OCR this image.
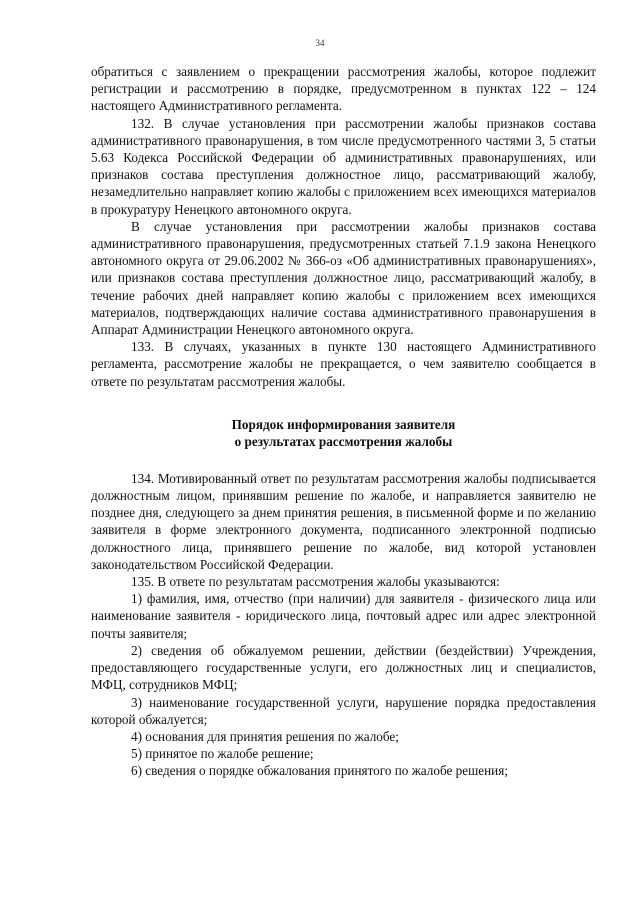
34

обратиться с заявлением о прекращении рассмотрения жалобы, которое подлежит регистрации и рассмотрению в порядке, предусмотренном в пунктах 122 – 124 настоящего Административного регламента.

132. В случае установления при рассмотрении жалобы признаков состава административного правонарушения, в том числе предусмотренного частями 3, 5 статьи 5.63 Кодекса Российской Федерации об административных правонарушениях, или признаков состава преступления должностное лицо, рассматривающий жалобу, незамедлительно направляет копию жалобы с приложением всех имеющихся материалов в прокуратуру Ненецкого автономного округа.

В случае установления при рассмотрении жалобы признаков состава административного правонарушения, предусмотренных статьей 7.1.9 закона Ненецкого автономного округа от 29.06.2002 № 366-оз «Об административных правонарушениях», или признаков состава преступления должностное лицо, рассматривающий жалобу, в течение рабочих дней направляет копию жалобы с приложением всех имеющихся материалов, подтверждающих наличие состава административного правонарушения в Аппарат Администрации Ненецкого автономного округа.

133. В случаях, указанных в пункте 130 настоящего Административного регламента, рассмотрение жалобы не прекращается, о чем заявителю сообщается в ответе по результатам рассмотрения жалобы.

Порядок информирования заявителя
о результатах рассмотрения жалобы

134. Мотивированный ответ по результатам рассмотрения жалобы подписывается должностным лицом, принявшим решение по жалобе, и направляется заявителю не позднее дня, следующего за днем принятия решения, в письменной форме и по желанию заявителя в форме электронного документа, подписанного электронной подписью должностного лица, принявшего решение по жалобе, вид которой установлен законодательством Российской Федерации.

135. В ответе по результатам рассмотрения жалобы указываются:

1) фамилия, имя, отчество (при наличии) для заявителя - физического лица или наименование заявителя - юридического лица, почтовый адрес или адрес электронной почты заявителя;

2) сведения об обжалуемом решении, действии (бездействии) Учреждения, предоставляющего государственные услуги, его должностных лиц и специалистов, МФЦ, сотрудников МФЦ;

3) наименование государственной услуги, нарушение порядка предоставления которой обжалуется;

4) основания для принятия решения по жалобе;

5) принятое по жалобе решение;

6) сведения о порядке обжалования принятого по жалобе решения;
